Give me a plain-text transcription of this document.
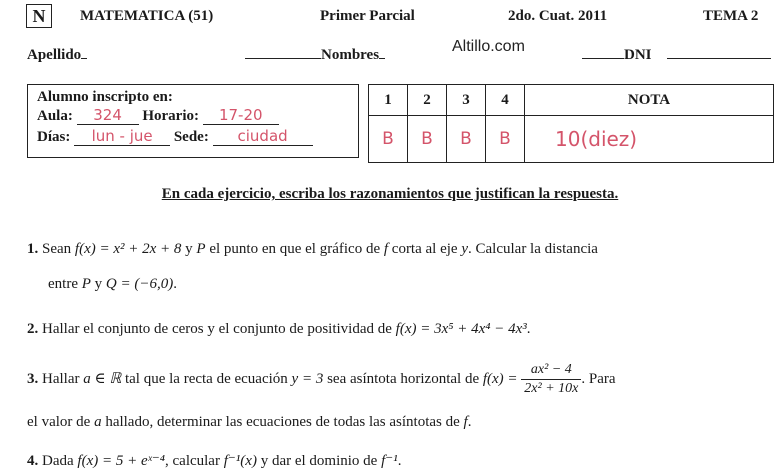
N	MATEMATICA (51)	Primer Parcial	2do. Cuat. 2011	TEMA 2
Apellido	Nombres	Altillo.com	DNI
Alumno inscripto en:
Aula: 324 Horario: 17-20
Días: lun - jue Sede: ciudad
1	2	3	4	NOTA
B	B	B	B	10(diez)
En cada ejercicio, escriba los razonamientos que justifican la respuesta.
1. Sean f(x) = x² + 2x + 8 y P el punto en que el gráfico de f corta al eje y. Calcular la distancia
entre P y Q = (−6,0).
2. Hallar el conjunto de ceros y el conjunto de positividad de f(x) = 3x⁵ + 4x⁴ − 4x³.
3. Hallar a ∈ ℝ tal que la recta de ecuación y = 3 sea asíntota horizontal de $f(x) = \frac{\text{ax² − 4}}{\text{2x² + 10x}}$ . Para
el valor de a hallado, determinar las ecuaciones de todas las asíntotas de f.
4. Dada f(x) = 5 + eˣ⁻⁴, calcular f⁻¹(x) y dar el dominio de f⁻¹.
